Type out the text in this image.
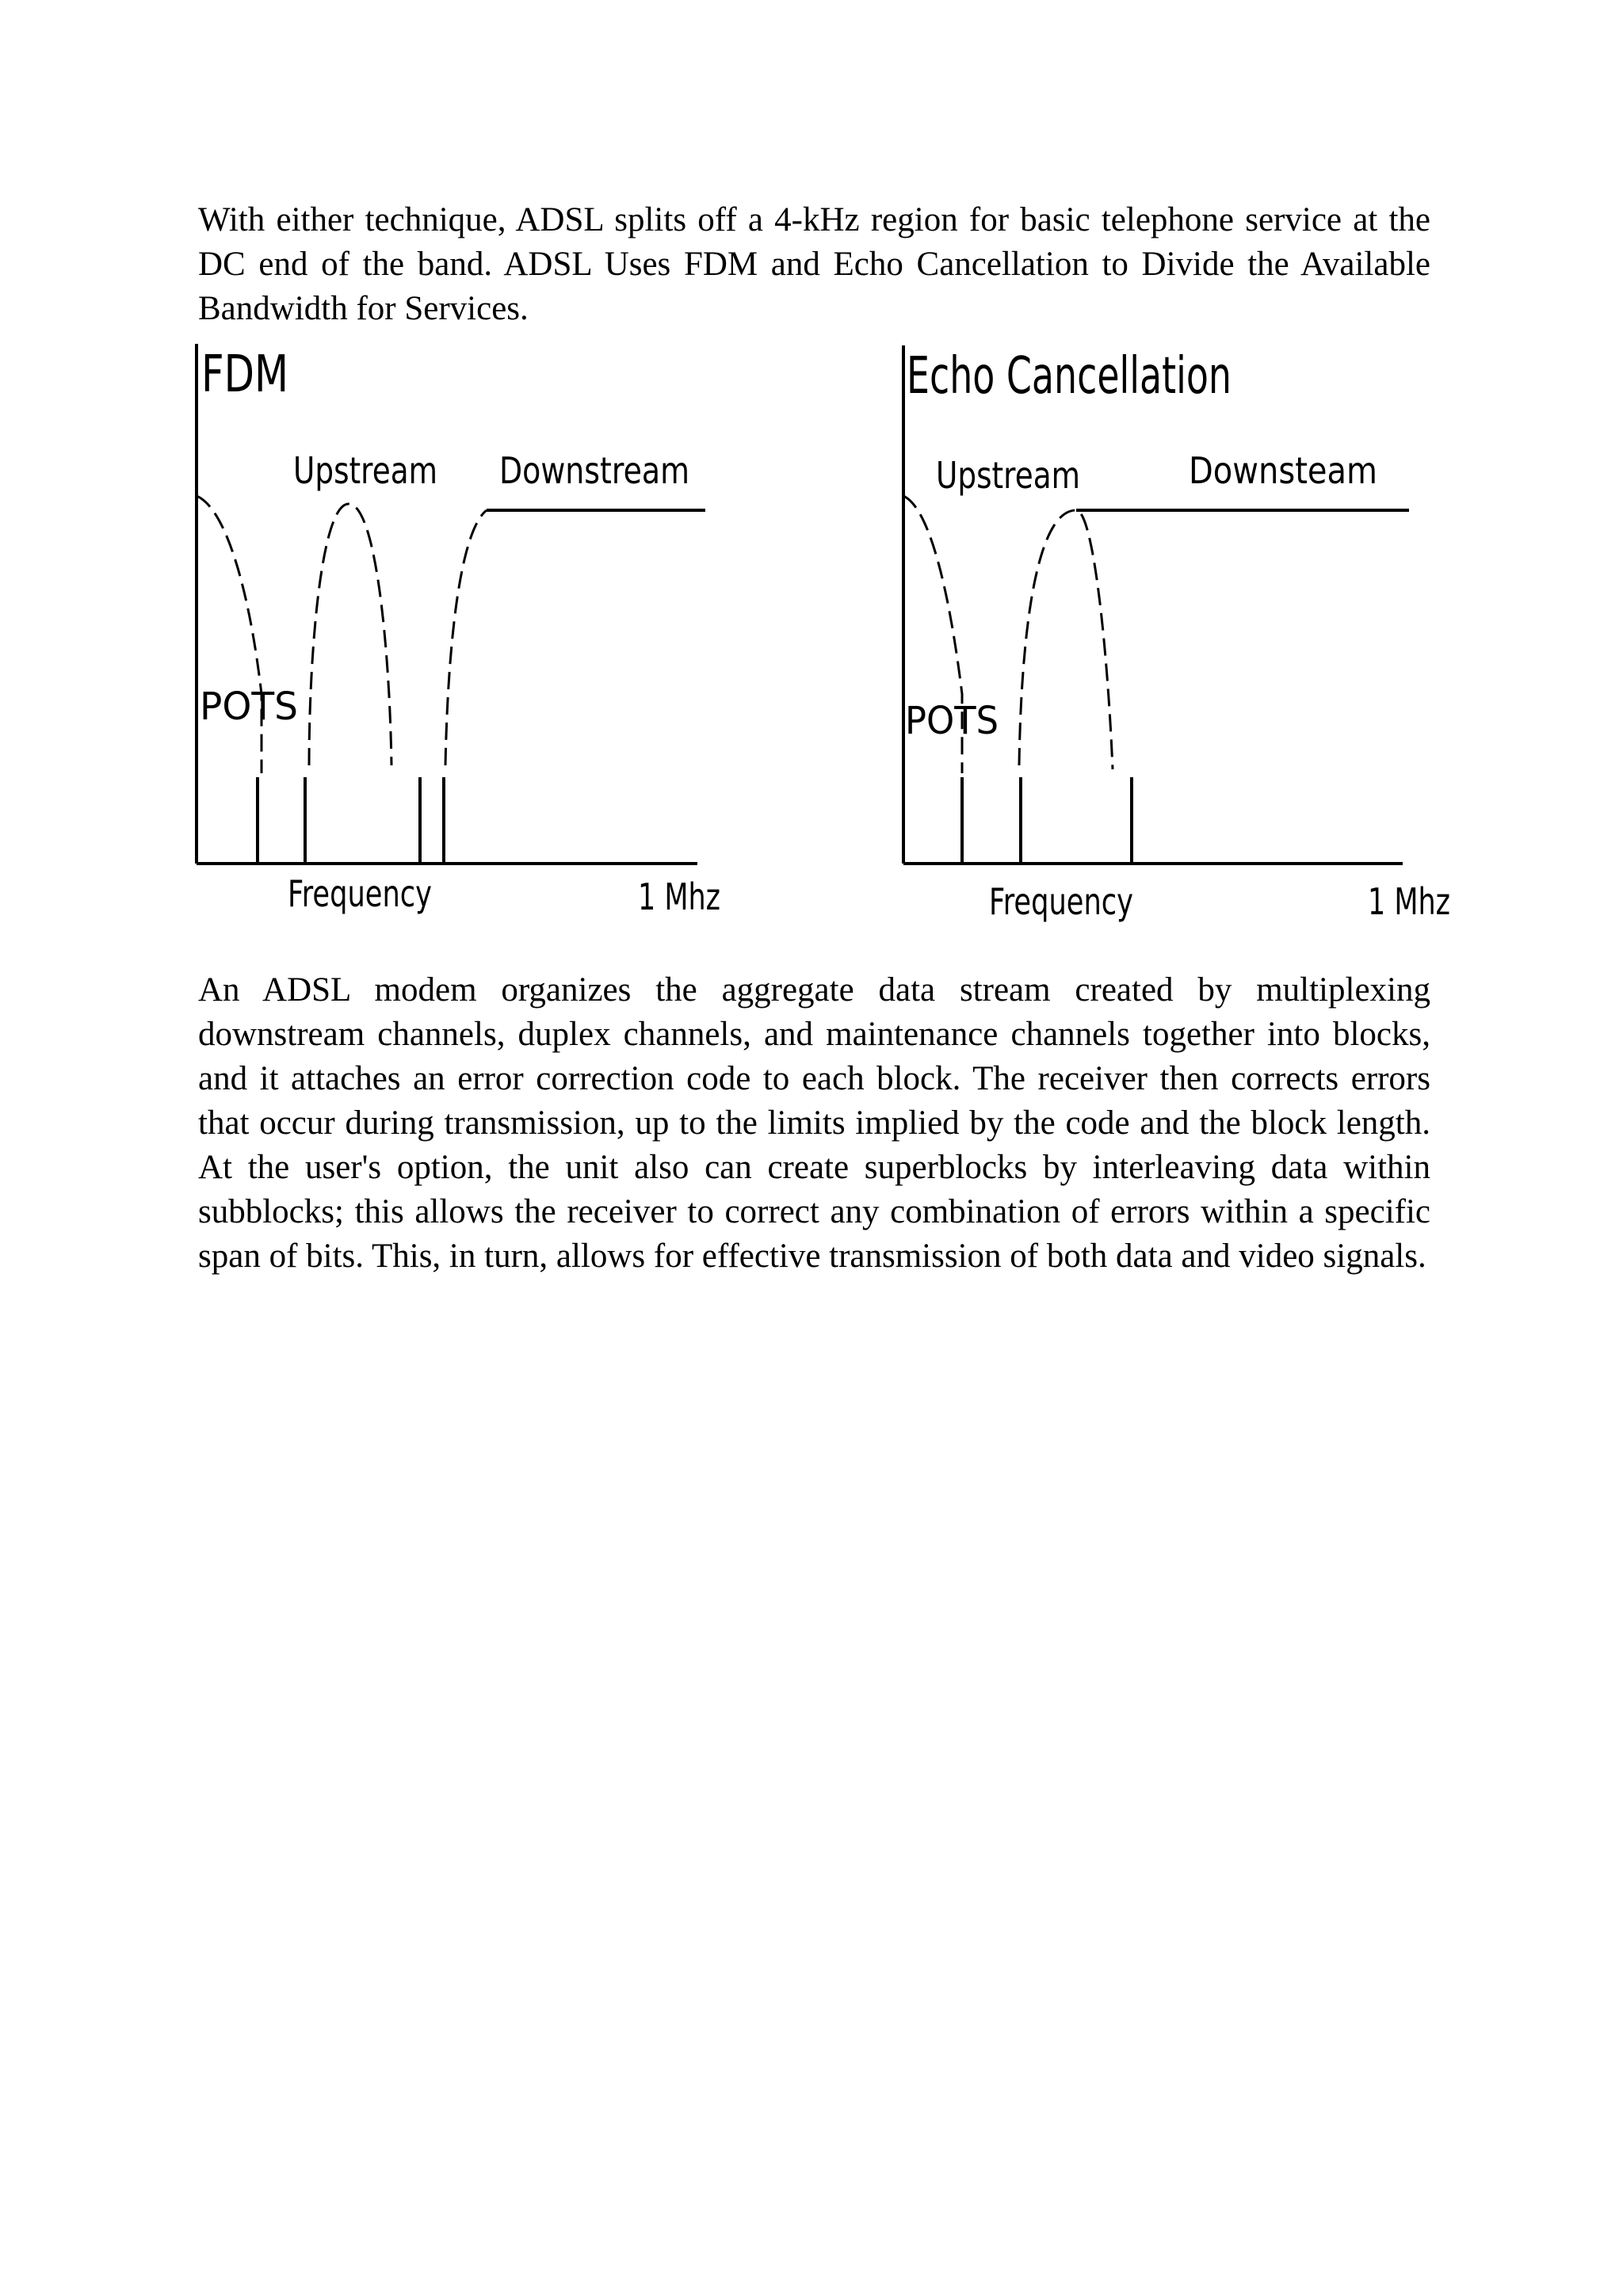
With either technique, ADSL splits off a 4-kHz region for basic telephone service at the DC end of the band. ADSL Uses FDM and Echo Cancellation to Divide the Available Bandwidth for Services.

FDM
Upstream Downstream
POTS
Frequency	1 Mhz
Echo Cancellation
Upstream	Downsteam
POTS
Frequency	1 Mhz

An ADSL modem organizes the aggregate data stream created by multiplexing downstream channels, duplex channels, and maintenance channels together into blocks, and it attaches an error correction code to each block. The receiver then corrects errors that occur during transmission, up to the limits implied by the code and the block length. At the user's option, the unit also can create superblocks by interleaving data within subblocks; this allows the receiver to correct any combination of errors within a specific span of bits. This, in turn, allows for effective transmission of both data and video signals.
